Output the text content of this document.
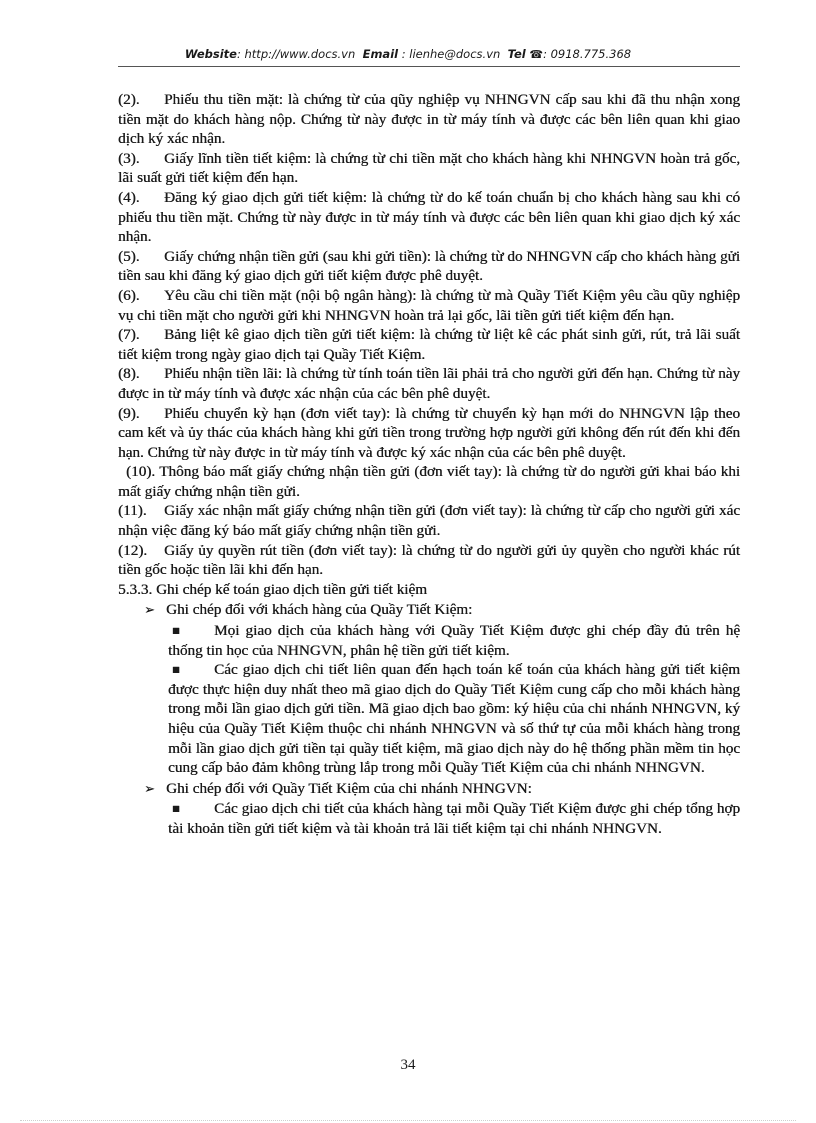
Website: http://www.docs.vn Email : lienhe@docs.vn Tel ☎: 0918.775.368

(2). Phiếu thu tiền mặt: là chứng từ của qũy nghiệp vụ NHNGVN cấp sau khi đã thu nhận xong tiền mặt do khách hàng nộp. Chứng từ này được in từ máy tính và được các bên liên quan khi giao dịch ký xác nhận.

(3). Giấy lĩnh tiền tiết kiệm: là chứng từ chi tiền mặt cho khách hàng khi NHNGVN hoàn trả gốc, lãi suất gửi tiết kiệm đến hạn.

(4). Đăng ký giao dịch gửi tiết kiệm: là chứng từ do kế toán chuẩn bị cho khách hàng sau khi có phiếu thu tiền mặt. Chứng từ này được in từ máy tính và được các bên liên quan khi giao dịch ký xác nhận.

(5). Giấy chứng nhận tiền gửi (sau khi gửi tiền): là chứng từ do NHNGVN cấp cho khách hàng gửi tiền sau khi đăng ký giao dịch gửi tiết kiệm được phê duyệt.

(6). Yêu cầu chi tiền mặt (nội bộ ngân hàng): là chứng từ mà Quầy Tiết Kiệm yêu cầu qũy nghiệp vụ chi tiền mặt cho người gửi khi NHNGVN hoàn trả lại gốc, lãi tiền gửi tiết kiệm đến hạn.

(7). Bảng liệt kê giao dịch tiền gửi tiết kiệm: là chứng từ liệt kê các phát sinh gửi, rút, trả lãi suất tiết kiệm trong ngày giao dịch tại Quầy Tiết Kiệm.

(8). Phiếu nhận tiền lãi: là chứng từ tính toán tiền lãi phải trả cho người gửi đến hạn. Chứng từ này được in từ máy tính và được xác nhận của các bên phê duyệt.

(9). Phiếu chuyển kỳ hạn (đơn viết tay): là chứng từ chuyển kỳ hạn mới do NHNGVN lập theo cam kết và ủy thác của khách hàng khi gửi tiền trong trường hợp người gửi không đến rút đến khi đến hạn. Chứng từ này được in từ máy tính và được ký xác nhận của các bên phê duyệt.

(10). Thông báo mất giấy chứng nhận tiền gửi (đơn viết tay): là chứng từ do người gửi khai báo khi mất giấy chứng nhận tiền gửi.

(11). Giấy xác nhận mất giấy chứng nhận tiền gửi (đơn viết tay): là chứng từ cấp cho người gửi xác nhận việc đăng ký báo mất giấy chứng nhận tiền gửi.

(12). Giấy ủy quyền rút tiền (đơn viết tay): là chứng từ do người gửi ủy quyền cho người khác rút tiền gốc hoặc tiền lãi khi đến hạn.

5.3.3. Ghi chép kế toán giao dịch tiền gửi tiết kiệm

➢ Ghi chép đối với khách hàng của Quầy Tiết Kiệm:

■ Mọi giao dịch của khách hàng với Quầy Tiết Kiệm được ghi chép đầy đủ trên hệ thống tin học của NHNGVN, phân hệ tiền gửi tiết kiệm.

■ Các giao dịch chi tiết liên quan đến hạch toán kế toán của khách hàng gửi tiết kiệm được thực hiện duy nhất theo mã giao dịch do Quầy Tiết Kiệm cung cấp cho mỗi khách hàng trong mỗi lần giao dịch gửi tiền. Mã giao dịch bao gồm: ký hiệu của chi nhánh NHNGVN, ký hiệu của Quầy Tiết Kiệm thuộc chi nhánh NHNGVN và số thứ tự của mỗi khách hàng trong mỗi lần giao dịch gửi tiền tại quầy tiết kiệm, mã giao dịch này do hệ thống phần mềm tin học cung cấp bảo đảm không trùng lắp trong mỗi Quầy Tiết Kiệm của chi nhánh NHNGVN.

➢ Ghi chép đối với Quầy Tiết Kiệm của chi nhánh NHNGVN:

■ Các giao dịch chi tiết của khách hàng tại mỗi Quầy Tiết Kiệm được ghi chép tổng hợp tài khoản tiền gửi tiết kiệm và tài khoản trả lãi tiết kiệm tại chi nhánh NHNGVN.

34
